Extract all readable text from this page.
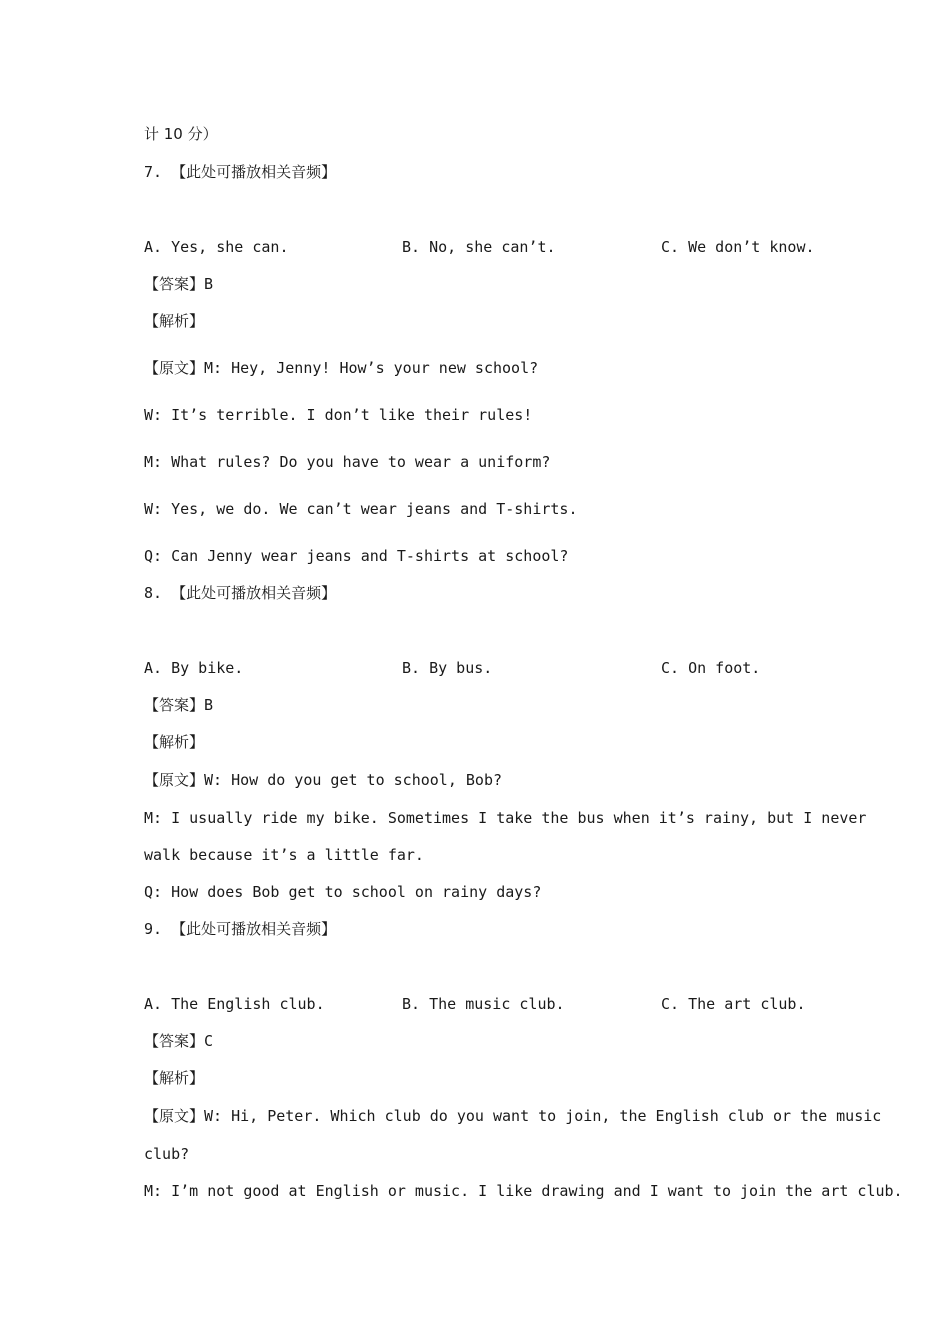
计 10 分）
7. 【此处可播放相关音频】
A. Yes, she can.	B. No, she can’t.	C. We don’t know.
【答案】B
【解析】
【原文】M: Hey, Jenny! How’s your new school?
W: It’s terrible. I don’t like their rules!
M: What rules? Do you have to wear a uniform?
W: Yes, we do. We can’t wear jeans and T-shirts.
Q: Can Jenny wear jeans and T-shirts at school?
8. 【此处可播放相关音频】
A. By bike.	B. By bus.	C. On foot.
【答案】B
【解析】
【原文】W: How do you get to school, Bob?
M: I usually ride my bike. Sometimes I take the bus when it’s rainy, but I never
walk because it’s a little far.
Q: How does Bob get to school on rainy days?
9. 【此处可播放相关音频】
A. The English club.	B. The music club.	C. The art club.
【答案】C
【解析】
【原文】W: Hi, Peter. Which club do you want to join, the English club or the music
club?
M: I’m not good at English or music. I like drawing and I want to join the art club.
